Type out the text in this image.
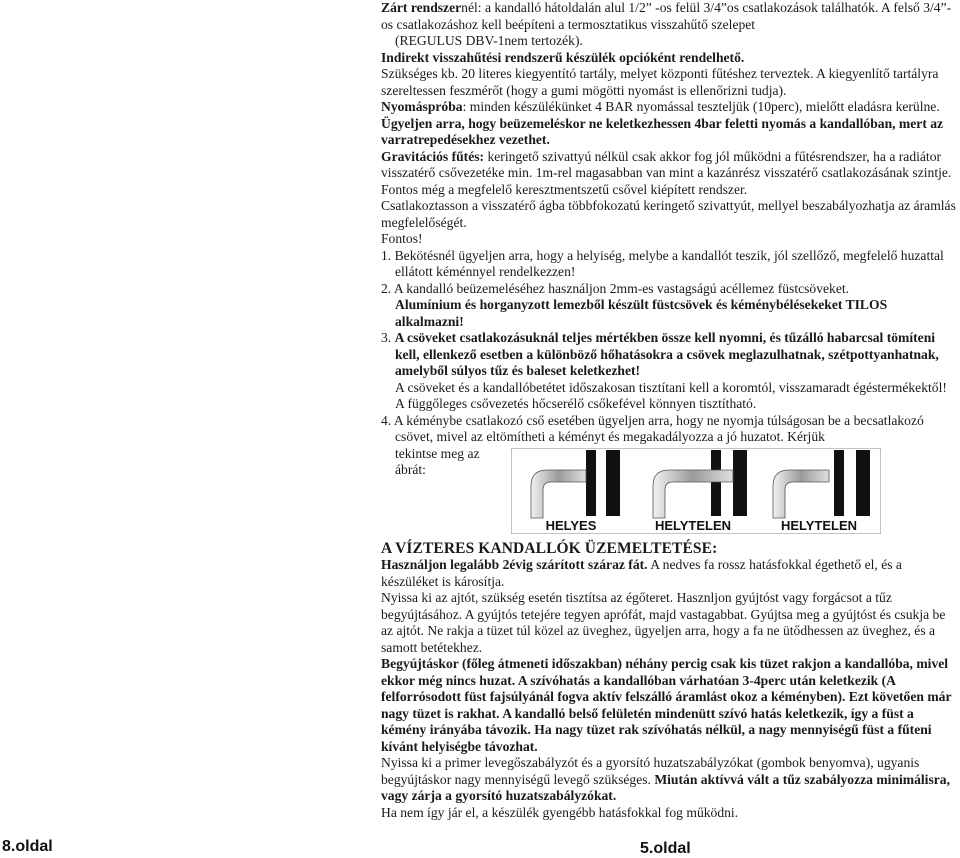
Zárt rendszernél: a kandalló hátoldalán alul 1/2” -os felül 3/4”os csatlakozások találhatók. A felső 3/4”-os csatlakozáshoz kell beépíteni a termosztatikus visszahűtő szelepet

(REGULUS DBV-1nem tertozék).

Indirekt visszahűtési rendszerű készülék opcióként rendelhető.

Szükséges kb. 20 literes kiegyentító tartály, melyet központi fűtéshez terveztek. A kiegyenlítő tartályra szereltessen feszmérőt (hogy a gumi mögötti nyomást is ellenőrizni tudja).

Nyomáspróba: minden készülékünket 4 BAR nyomással teszteljük (10perc), mielőtt eladásra kerülne. Ügyeljen arra, hogy beüzemeléskor ne keletkezhessen 4bar feletti nyomás a kandallóban, mert az varratrepedésekhez vezethet.

Gravitációs fűtés: keringető szivattyú nélkül csak akkor fog jól működni a fűtésrendszer, ha a radiátor visszatérő csővezetéke min. 1m-rel magasabban van mint a kazánrész visszatérő csatlakozásának szintje. Fontos még a megfelelő keresztmentszetű csővel kiépített rendszer.

Csatlakoztasson a visszatérő ágba többfokozatú keringető szivattyút, mellyel beszabályozhatja az áramlás megfelelőségét.

Fontos!

1. Bekötésnél ügyeljen arra, hogy a helyiség, melybe a kandallót teszik, jól szellőző, megfelelő huzattal ellátott kéménnyel rendelkezzen!

2. A kandalló beüzemeléséhez használjon 2mm-es vastagságú acéllemez füstcsöveket.

Alumínium és horganyzott lemezből készült füstcsövek és kéménybélésekeket TILOS alkalmazni!

3. A csöveket csatlakozásuknál teljes mértékben össze kell nyomni, és tűzálló habarcsal tömíteni kell, ellenkező esetben a különböző hőhatásokra a csövek meglazulhatnak, szétpottyanhatnak, amelyből súlyos tűz és baleset keletkezhet!

A csöveket és a kandallóbetétet időszakosan tisztítani kell a koromtól, visszamaradt égéstermékektől! A függőleges csővezetés hőcserélő csőkefével könnyen tisztítható.

4. A kéménybe csatlakozó cső esetében ügyeljen arra, hogy ne nyomja túlságosan be a becsatlakozó csövet, mivel az eltömítheti a kéményt és megakadályozza a jó huzatot. Kérjük

tekintse meg az ábrát:

HELYES	HELYTELEN	HELYTELEN

A VÍZTERES KANDALLÓK ÜZEMELTETÉSE:

Használjon legalább 2évig szárított száraz fát. A nedves fa rossz hatásfokkal égethető el, és a készüléket is károsítja.

Nyissa ki az ajtót, szükség esetén tisztítsa az égőteret. Hasznljon gyújtóst vagy forgácsot a tűz begyújtásához. A gyújtós tetejére tegyen aprófát, majd vastagabbat. Gyújtsa meg a gyújtóst és csukja be az ajtót. Ne rakja a tüzet túl közel az üveghez, ügyeljen arra, hogy a fa ne ütődhessen az üveghez, és a samott betétekhez.

Begyújtáskor (főleg átmeneti időszakban) néhány percig csak kis tüzet rakjon a kandallóba, mivel ekkor még nincs huzat. A szívóhatás a kandallóban várhatóan 3-4perc után keletkezik (A felforrósodott füst fajsúlyánál fogva aktív felszálló áramlást okoz a kéményben). Ezt követően már nagy tüzet is rakhat. A kandalló belső felületén mindenütt szívó hatás keletkezik, így a füst a kémény irányába távozik. Ha nagy tüzet rak szívóhatás nélkül, a nagy mennyiségű füst a fűteni kívánt helyiségbe távozhat.

Nyissa ki a primer levegőszabályzót és a gyorsító huzatszabályzókat (gombok benyomva), ugyanis begyújtáskor nagy mennyiségű levegő szükséges. Miután aktívvá vált a tűz szabályozza minimálisra, vagy zárja a gyorsító huzatszabályzókat.

Ha nem így jár el, a készülék gyengébb hatásfokkal fog működni.

8.oldal	5.oldal
